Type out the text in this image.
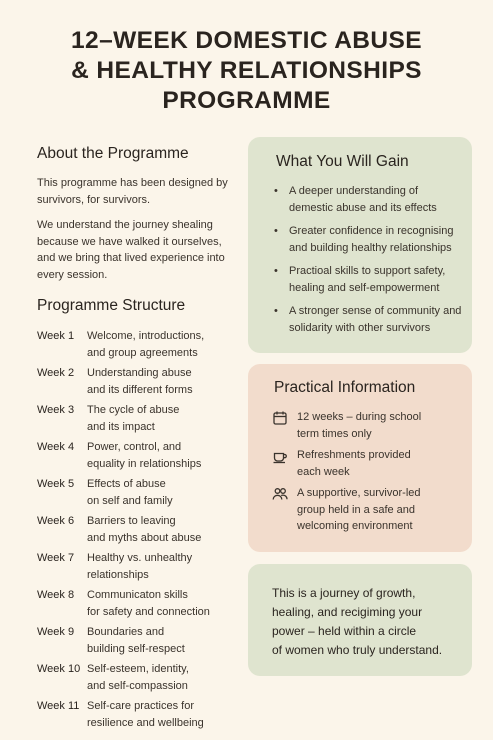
12–WEEK DOMESTIC ABUSE
& HEALTHY RELATIONSHIPS
PROGRAMME
About the Programme

This programme has been designed by survivors, for survivors.

We understand the journey shealing because we have walked it ourselves, and we bring that lived experience into every session.

Programme Structure
Week 1	Welcome, introductions,
and group agreements
Week 2	Understanding abuse
and its different forms
Week 3	The cycle of abuse
and its impact
Week 4	Power, control, and
equality in relationships
Week 5	Effects of abuse
on self and family
Week 6	Barriers to leaving
and myths about abuse
Week 7	Healthy vs. unhealthy
relationships
Week 8	Communicaton skills
for safety and connection
Week 9	Boundaries and
building self-respect
Week 10 Self-esteem, identity,
and self-compassion
Week 11 Self-care practices for
resilience and wellbeing
What You Will Gain
• A deeper understanding of demestic abuse and its effects
• Greater confidence in recognising and building healthy relationships
• Practioal skills to support safety, healing and self-empowerment
• A stronger sense of community and solidarity with other survivors
Practical Information
12 weeks – during school
term times only
Refreshments provided
each week
A supportive, survivor-led
group held in a safe and
welcoming environment
This is a journey of growth,
healing, and recigiming your
power – held within a circle
of women who truly understand.
